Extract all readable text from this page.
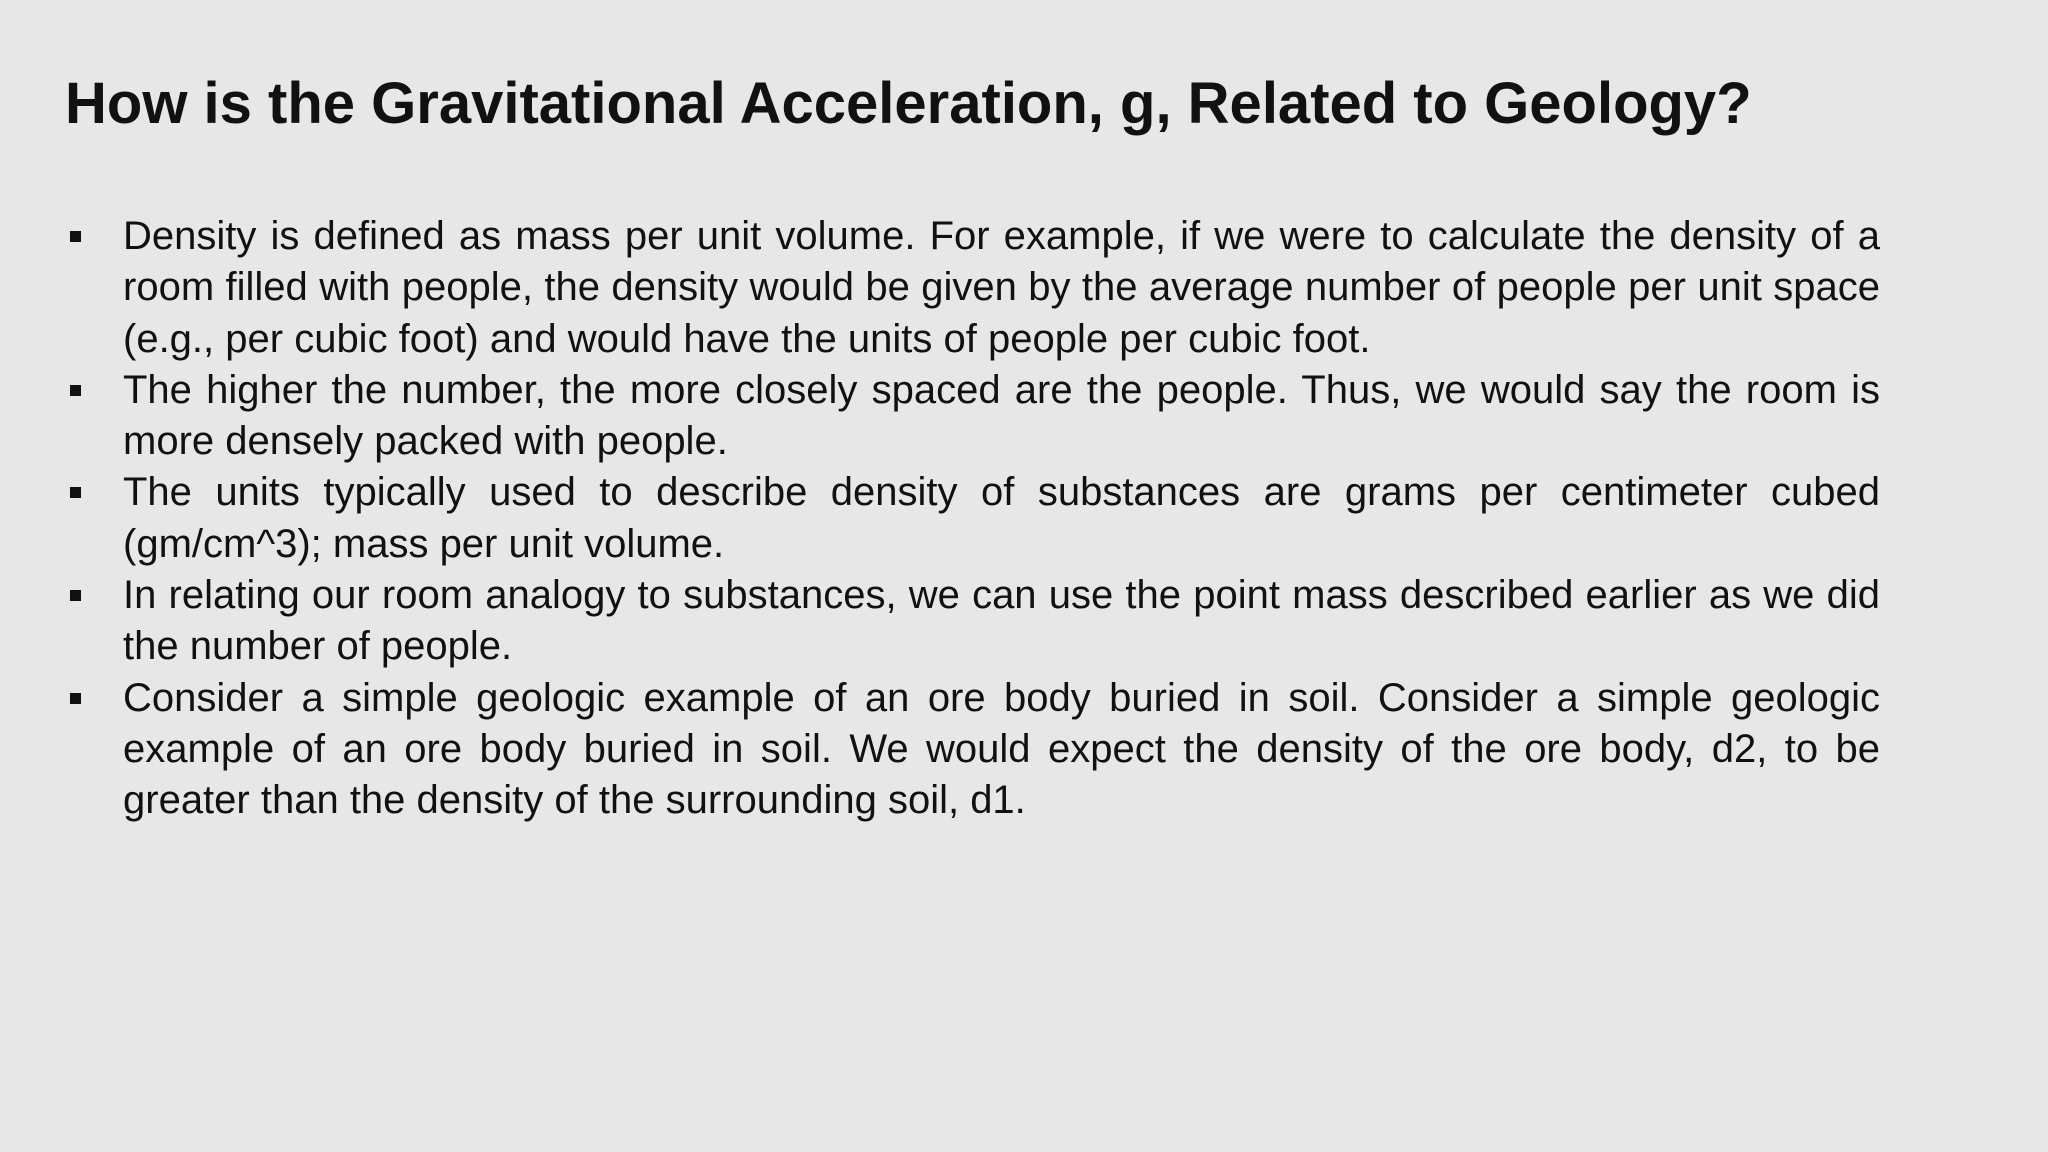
How is the Gravitational Acceleration, g, Related to Geology?
Density is defined as mass per unit volume. For example, if we were to calculate the density of a room filled with people, the density would be given by the average number of people per unit space (e.g., per cubic foot) and would have the units of people per cubic foot.
The higher the number, the more closely spaced are the people. Thus, we would say the room is more densely packed with people.
The units typically used to describe density of substances are grams per centimeter cubed (gm/cm^3); mass per unit volume.
In relating our room analogy to substances, we can use the point mass described earlier as we did the number of people.
Consider a simple geologic example of an ore body buried in soil. Consider a simple geologic example of an ore body buried in soil. We would expect the density of the ore body, d2, to be greater than the density of the surrounding soil, d1.
